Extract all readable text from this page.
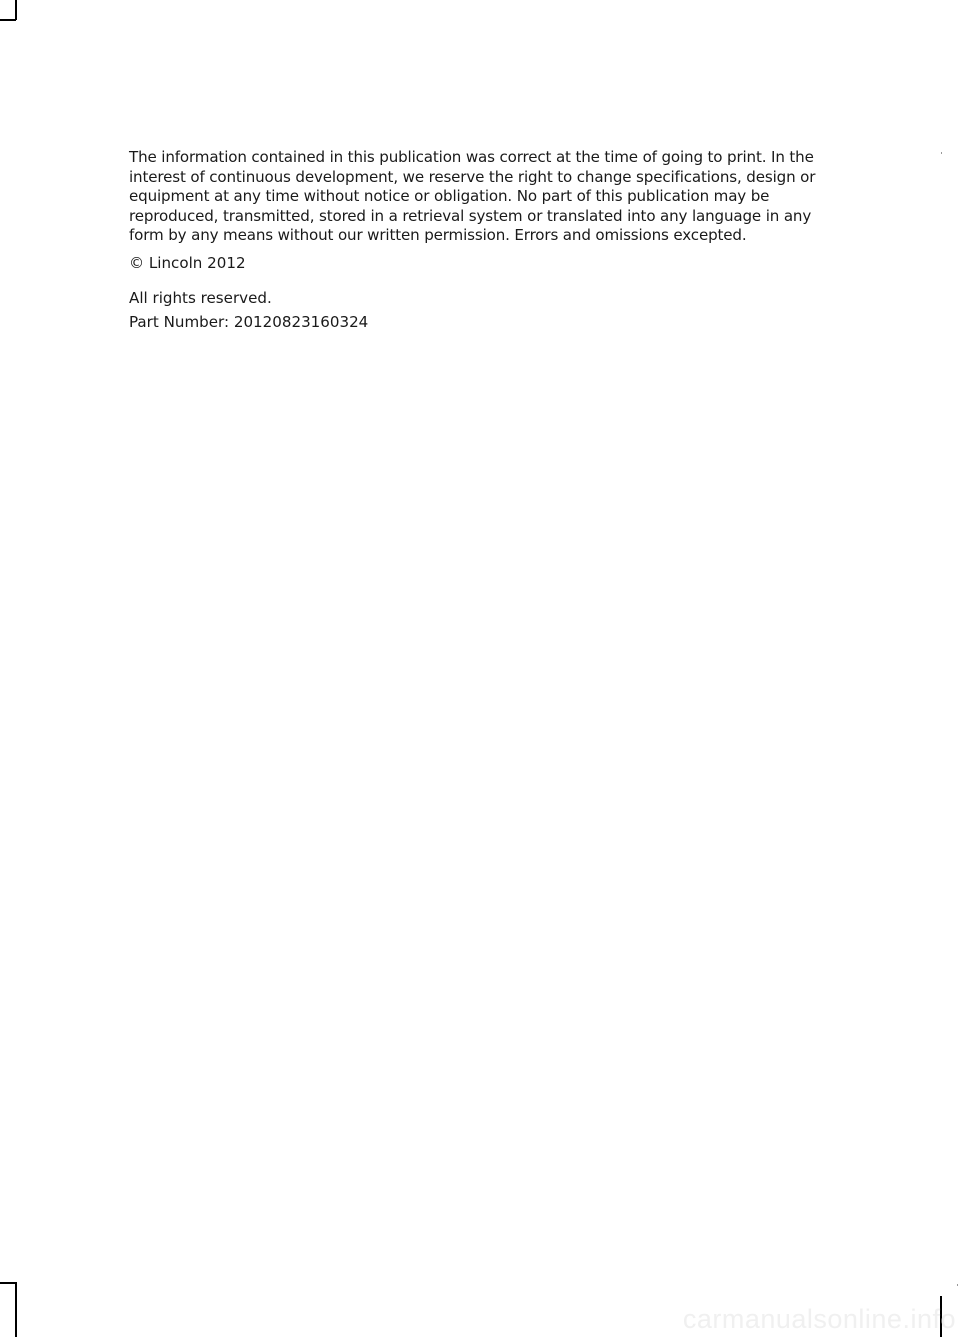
The information contained in this publication was correct at the time of going to print. In the
interest of continuous development, we reserve the right to change specifications, design or
equipment at any time without notice or obligation. No part of this publication may be
reproduced, transmitted, stored in a retrieval system or translated into any language in any
form by any means without our written permission. Errors and omissions excepted.

© Lincoln 2012

All rights reserved.

Part Number: 20120823160324

carmanualsonline.info
